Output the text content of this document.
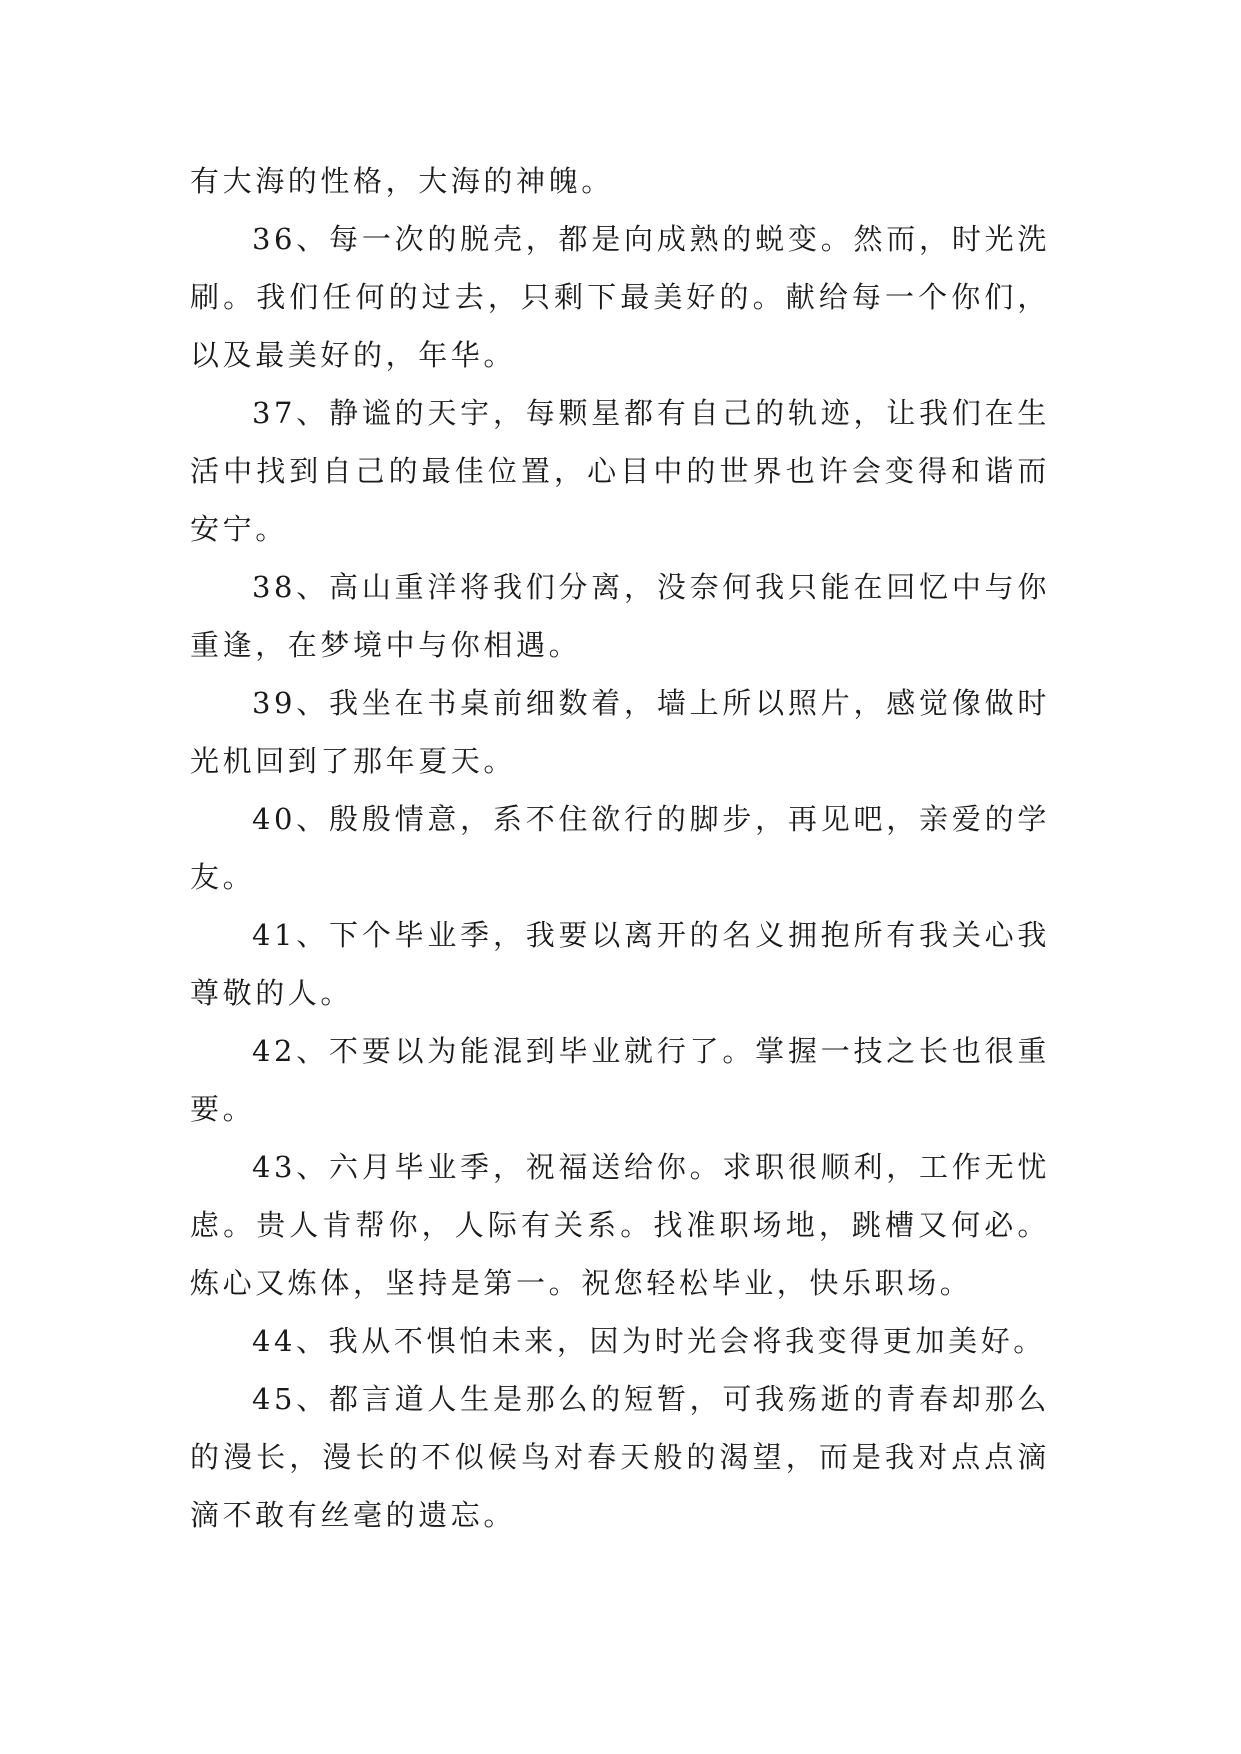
有大海的性格，大海的神魄。

36、每一次的脱壳，都是向成熟的蜕变。然而，时光洗刷。我们任何的过去，只剩下最美好的。献给每一个你们，以及最美好的，年华。

37、静谧的天宇，每颗星都有自己的轨迹，让我们在生活中找到自己的最佳位置，心目中的世界也许会变得和谐而安宁。

38、高山重洋将我们分离，没奈何我只能在回忆中与你重逢，在梦境中与你相遇。

39、我坐在书桌前细数着，墙上所以照片，感觉像做时光机回到了那年夏天。

40、殷殷情意，系不住欲行的脚步，再见吧，亲爱的学友。

41、下个毕业季，我要以离开的名义拥抱所有我关心我尊敬的人。

42、不要以为能混到毕业就行了。掌握一技之长也很重要。

43、六月毕业季，祝福送给你。求职很顺利，工作无忧虑。贵人肯帮你，人际有关系。找准职场地，跳槽又何必。炼心又炼体，坚持是第一。祝您轻松毕业，快乐职场。

44、我从不惧怕未来，因为时光会将我变得更加美好。

45、都言道人生是那么的短暂，可我殇逝的青春却那么的漫长，漫长的不似候鸟对春天般的渴望，而是我对点点滴滴不敢有丝毫的遗忘。
